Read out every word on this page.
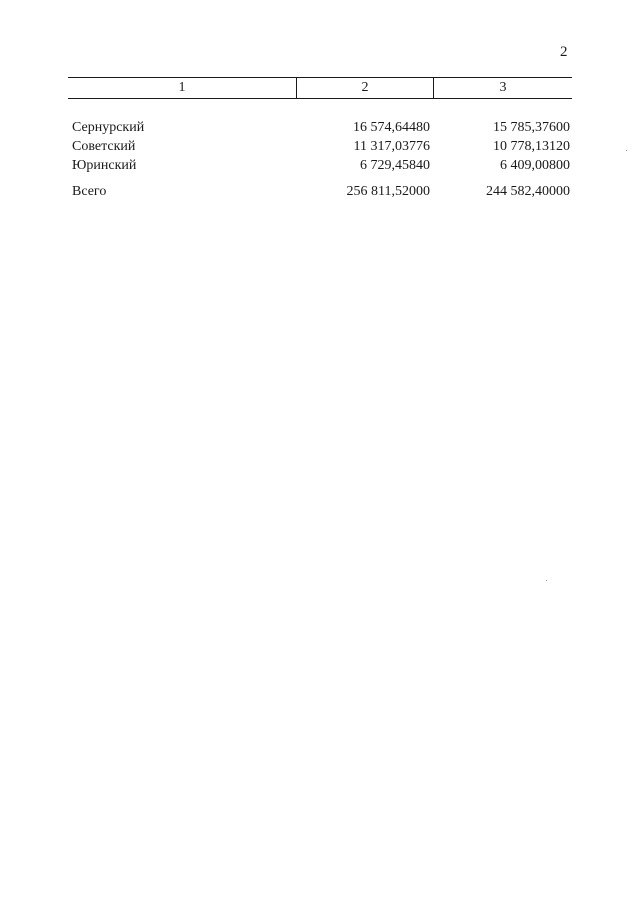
2
1	2	3
Сернурский	16 574,64480	15 785,37600
Советский	11 317,03776	10 778,13120
Юринский	6 729,45840	6 409,00800
Всего	256 811,52000	244 582,40000
